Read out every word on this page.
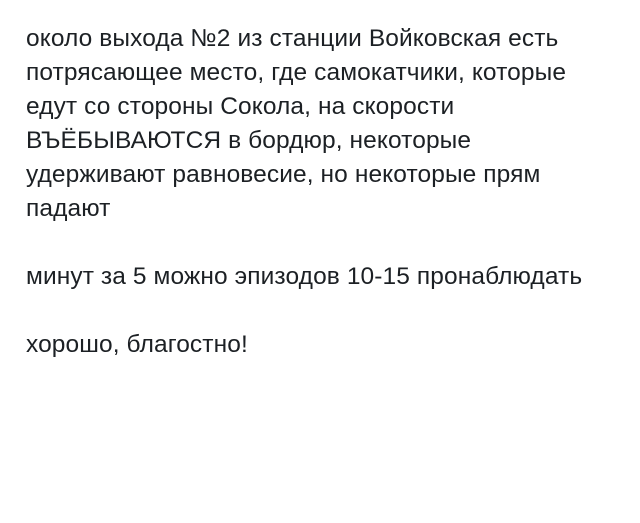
около выхода №2 из станции Войковская есть потрясающее место, где самокатчики, которые едут со стороны Сокола, на скорости ВЪЁБЫВАЮТСЯ в бордюр, некоторые удерживают равновесие, но некоторые прям падают

минут за 5 можно эпизодов 10-15 пронаблюдать

хорошо, благостно!
